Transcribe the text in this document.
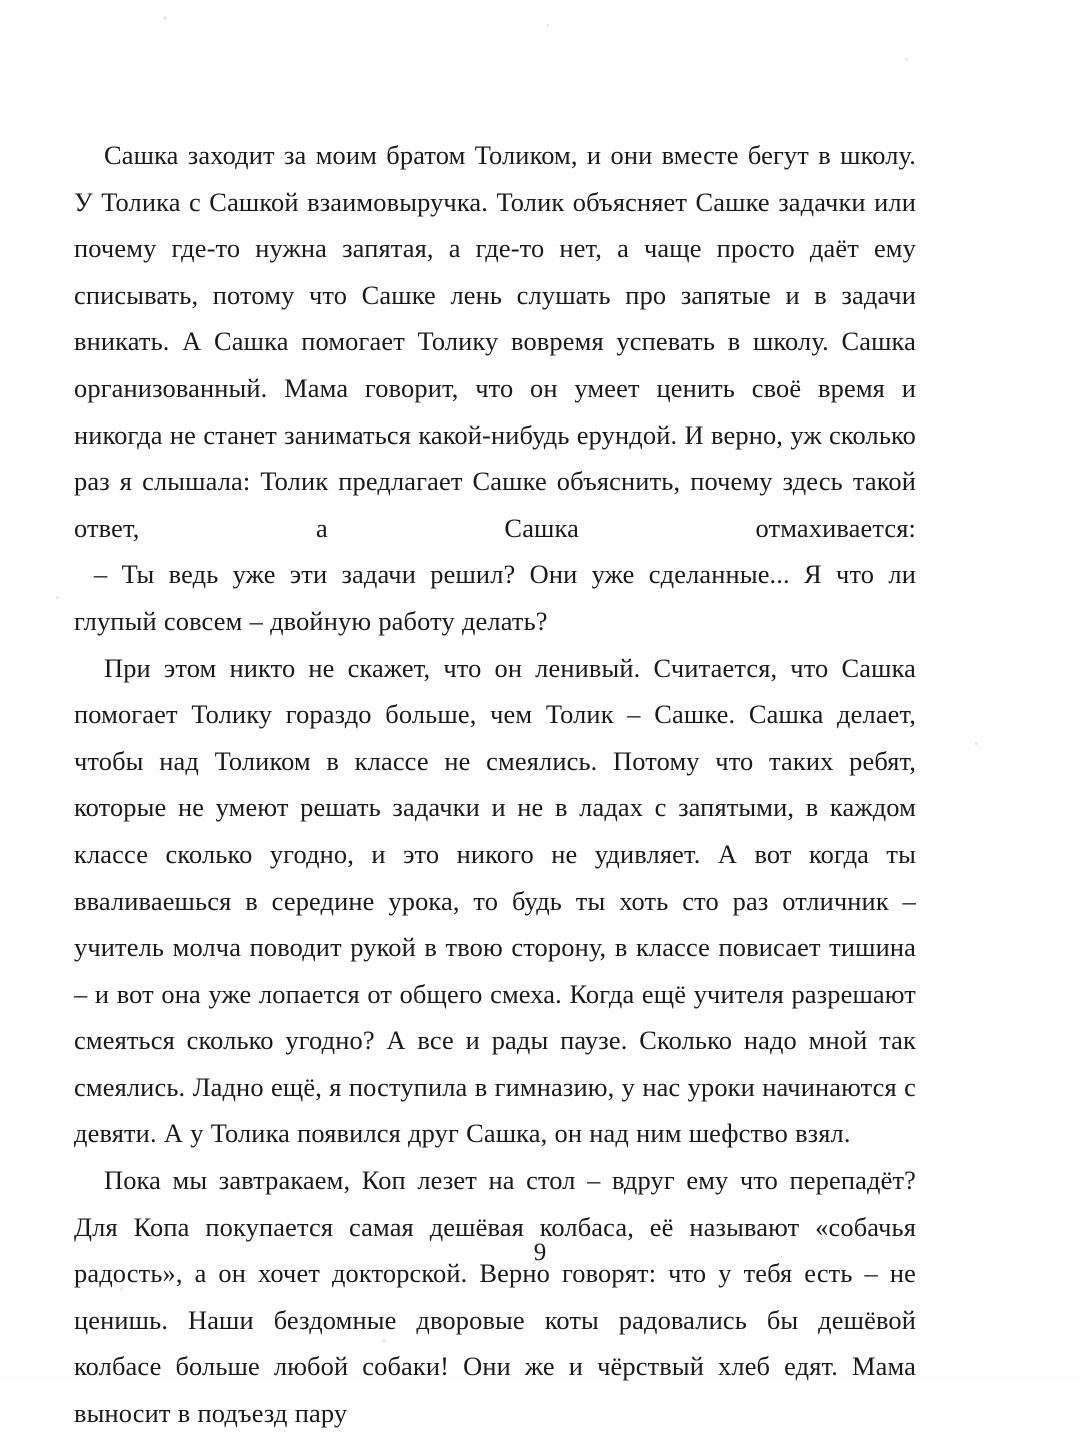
Сашка заходит за моим братом Толиком, и они вместе бегут в школу. У Толика с Сашкой взаимовыручка. Толик объясняет Сашке задачки или почему где-то нужна запятая, а где-то нет, а чаще просто даёт ему списывать, потому что Сашке лень слушать про запятые и в задачи вникать. А Сашка помогает Толику вовремя успевать в школу. Сашка организованный. Мама говорит, что он умеет ценить своё время и никогда не станет заниматься какой-нибудь ерундой. И верно, уж сколько раз я слышала: Толик предлагает Сашке объяснить, почему здесь такой ответ, а Сашка отмахивается:

– Ты ведь уже эти задачи решил? Они уже сделанные... Я что ли глупый совсем – двойную работу делать?

При этом никто не скажет, что он ленивый. Считается, что Сашка помогает Толику гораздо больше, чем Толик – Сашке. Сашка делает, чтобы над Толиком в классе не смеялись. Потому что таких ребят, которые не умеют решать задачки и не в ладах с запятыми, в каждом классе сколько угодно, и это никого не удивляет. А вот когда ты вваливаешься в середине урока, то будь ты хоть сто раз отличник – учитель молча поводит рукой в твою сторону, в классе повисает тишина – и вот она уже лопается от общего смеха. Когда ещё учителя разрешают смеяться сколько угодно? А все и рады паузе. Сколько надо мной так смеялись. Ладно ещё, я поступила в гимназию, у нас уроки начинаются с девяти. А у Толика появился друг Сашка, он над ним шефство взял.

Пока мы завтракаем, Коп лезет на стол – вдруг ему что перепадёт? Для Копа покупается самая дешёвая колбаса, её называют «собачья радость», а он хочет докторской. Верно говорят: что у тебя есть – не ценишь. Наши бездомные дворовые коты радовались бы дешёвой колбасе больше любой собаки! Они же и чёрствый хлеб едят. Мама выносит в подъезд пару

9
